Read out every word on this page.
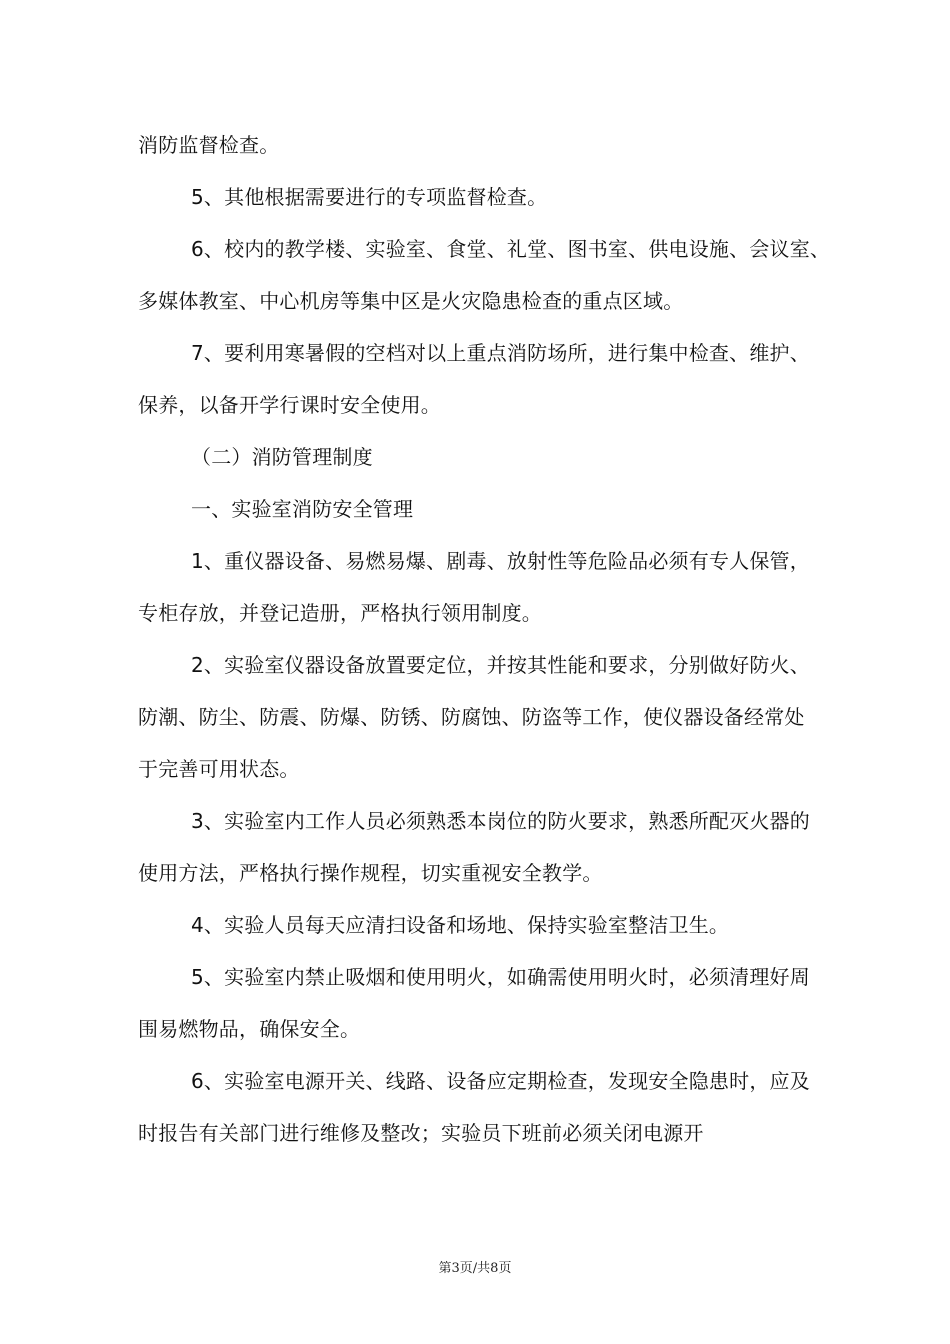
消防监督检查。
5、其他根据需要进行的专项监督检查。
6、校内的教学楼、实验室、食堂、礼堂、图书室、供电设施、会议室、
多媒体教室、中心机房等集中区是火灾隐患检查的重点区域。
7、要利用寒暑假的空档对以上重点消防场所，进行集中检查、维护、
保养，以备开学行课时安全使用。
（二）消防管理制度
一、实验室消防安全管理
1、重仪器设备、易燃易爆、剧毒、放射性等危险品必须有专人保管，
专柜存放，并登记造册，严格执行领用制度。
2、实验室仪器设备放置要定位，并按其性能和要求，分别做好防火、
防潮、防尘、防震、防爆、防锈、防腐蚀、防盗等工作，使仪器设备经常处
于完善可用状态。
3、实验室内工作人员必须熟悉本岗位的防火要求，熟悉所配灭火器的
使用方法，严格执行操作规程，切实重视安全教学。
4、实验人员每天应清扫设备和场地、保持实验室整洁卫生。
5、实验室内禁止吸烟和使用明火，如确需使用明火时，必须清理好周
围易燃物品，确保安全。
6、实验室电源开关、线路、设备应定期检查，发现安全隐患时，应及
时报告有关部门进行维修及整改；实验员下班前必须关闭电源开
第3页/共8页
